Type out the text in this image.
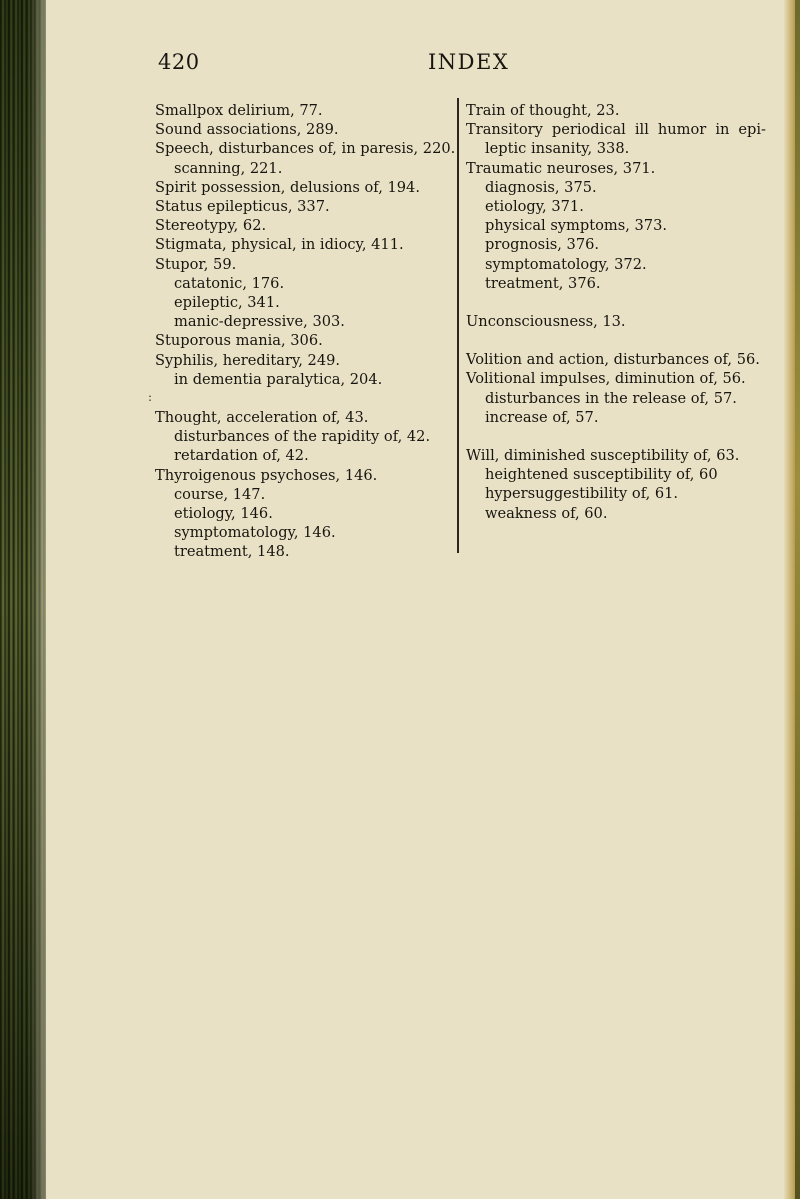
420	INDEX
:
Smallpox delirium, 77.
Sound associations, 289.
Speech, disturbances of, in paresis, 220.
scanning, 221.
Spirit possession, delusions of, 194.
Status epilepticus, 337.
Stereotypy, 62.
Stigmata, physical, in idiocy, 411.
Stupor, 59.
catatonic, 176.
epileptic, 341.
manic-depressive, 303.
Stuporous mania, 306.
Syphilis, hereditary, 249.
in dementia paralytica, 204.
Thought, acceleration of, 43.
disturbances of the rapidity of, 42.
retardation of, 42.
Thyroigenous psychoses, 146.
course, 147.
etiology, 146.
symptomatology, 146.
treatment, 148.
Train of thought, 23.
Transitory periodical ill humor in epi- leptic insanity, 338.
Traumatic neuroses, 371.
diagnosis, 375.
etiology, 371.
physical symptoms, 373.
prognosis, 376.
symptomatology, 372.
treatment, 376.
Unconsciousness, 13.
Volition and action, disturbances of, 56.
Volitional impulses, diminution of, 56.
disturbances in the release of, 57.
increase of, 57.
Will, diminished susceptibility of, 63.
heightened susceptibility of, 60
hypersuggestibility of, 61.
weakness of, 60.
